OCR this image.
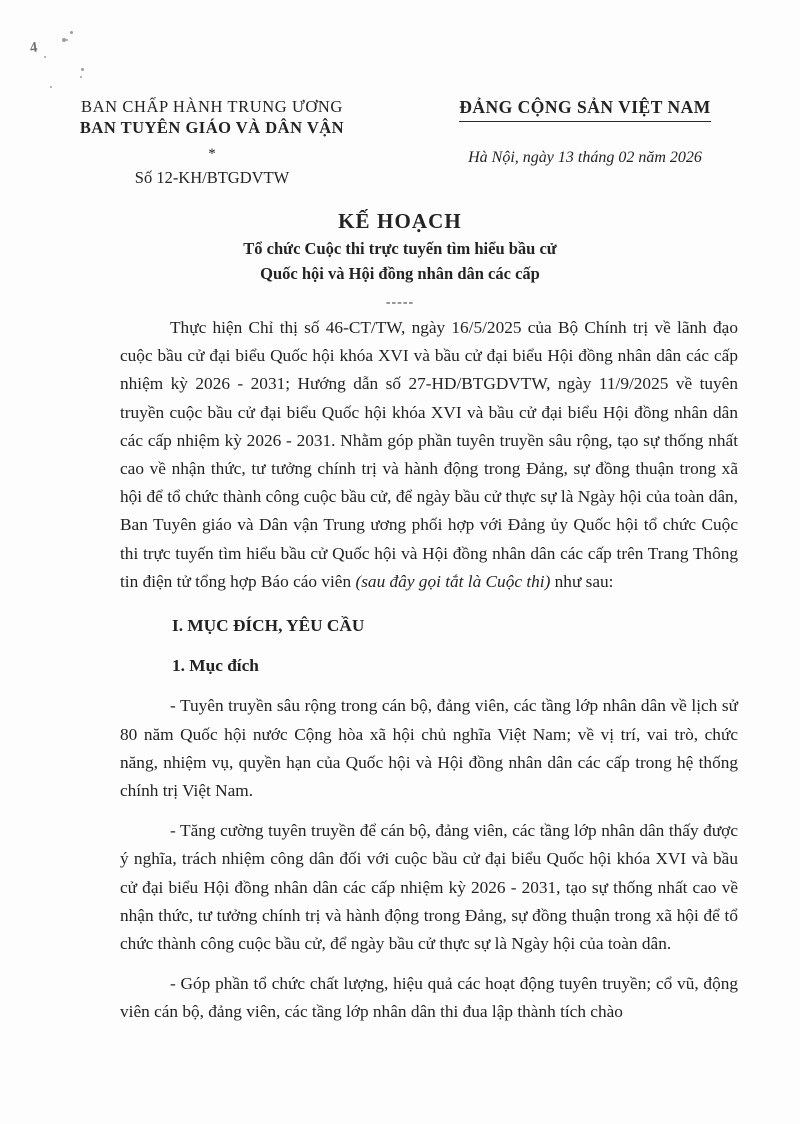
4
BAN CHẤP HÀNH TRUNG ƯƠNG
BAN TUYÊN GIÁO VÀ DÂN VẬN
*
Số 12-KH/BTGDVTW
ĐẢNG CỘNG SẢN VIỆT NAM
Hà Nội, ngày 13 tháng 02 năm 2026
KẾ HOẠCH
Tổ chức Cuộc thi trực tuyến tìm hiểu bầu cử
Quốc hội và Hội đồng nhân dân các cấp
-----

Thực hiện Chỉ thị số 46-CT/TW, ngày 16/5/2025 của Bộ Chính trị về lãnh đạo cuộc bầu cử đại biểu Quốc hội khóa XVI và bầu cử đại biểu Hội đồng nhân dân các cấp nhiệm kỳ 2026 - 2031; Hướng dẫn số 27-HD/BTGDVTW, ngày 11/9/2025 về tuyên truyền cuộc bầu cử đại biểu Quốc hội khóa XVI và bầu cử đại biểu Hội đồng nhân dân các cấp nhiệm kỳ 2026 - 2031. Nhằm góp phần tuyên truyền sâu rộng, tạo sự thống nhất cao về nhận thức, tư tưởng chính trị và hành động trong Đảng, sự đồng thuận trong xã hội để tổ chức thành công cuộc bầu cử, để ngày bầu cử thực sự là Ngày hội của toàn dân, Ban Tuyên giáo và Dân vận Trung ương phối hợp với Đảng ủy Quốc hội tổ chức Cuộc thi trực tuyến tìm hiểu bầu cử Quốc hội và Hội đồng nhân dân các cấp trên Trang Thông tin điện tử tổng hợp Báo cáo viên (sau đây gọi tắt là Cuộc thi) như sau:

I. MỤC ĐÍCH, YÊU CẦU
1. Mục đích

- Tuyên truyền sâu rộng trong cán bộ, đảng viên, các tầng lớp nhân dân về lịch sử 80 năm Quốc hội nước Cộng hòa xã hội chủ nghĩa Việt Nam; về vị trí, vai trò, chức năng, nhiệm vụ, quyền hạn của Quốc hội và Hội đồng nhân dân các cấp trong hệ thống chính trị Việt Nam.

- Tăng cường tuyên truyền để cán bộ, đảng viên, các tầng lớp nhân dân thấy được ý nghĩa, trách nhiệm công dân đối với cuộc bầu cử đại biểu Quốc hội khóa XVI và bầu cử đại biểu Hội đồng nhân dân các cấp nhiệm kỳ 2026 - 2031, tạo sự thống nhất cao về nhận thức, tư tưởng chính trị và hành động trong Đảng, sự đồng thuận trong xã hội để tổ chức thành công cuộc bầu cử, để ngày bầu cử thực sự là Ngày hội của toàn dân.

- Góp phần tổ chức chất lượng, hiệu quả các hoạt động tuyên truyền; cổ vũ, động viên cán bộ, đảng viên, các tầng lớp nhân dân thi đua lập thành tích chào
